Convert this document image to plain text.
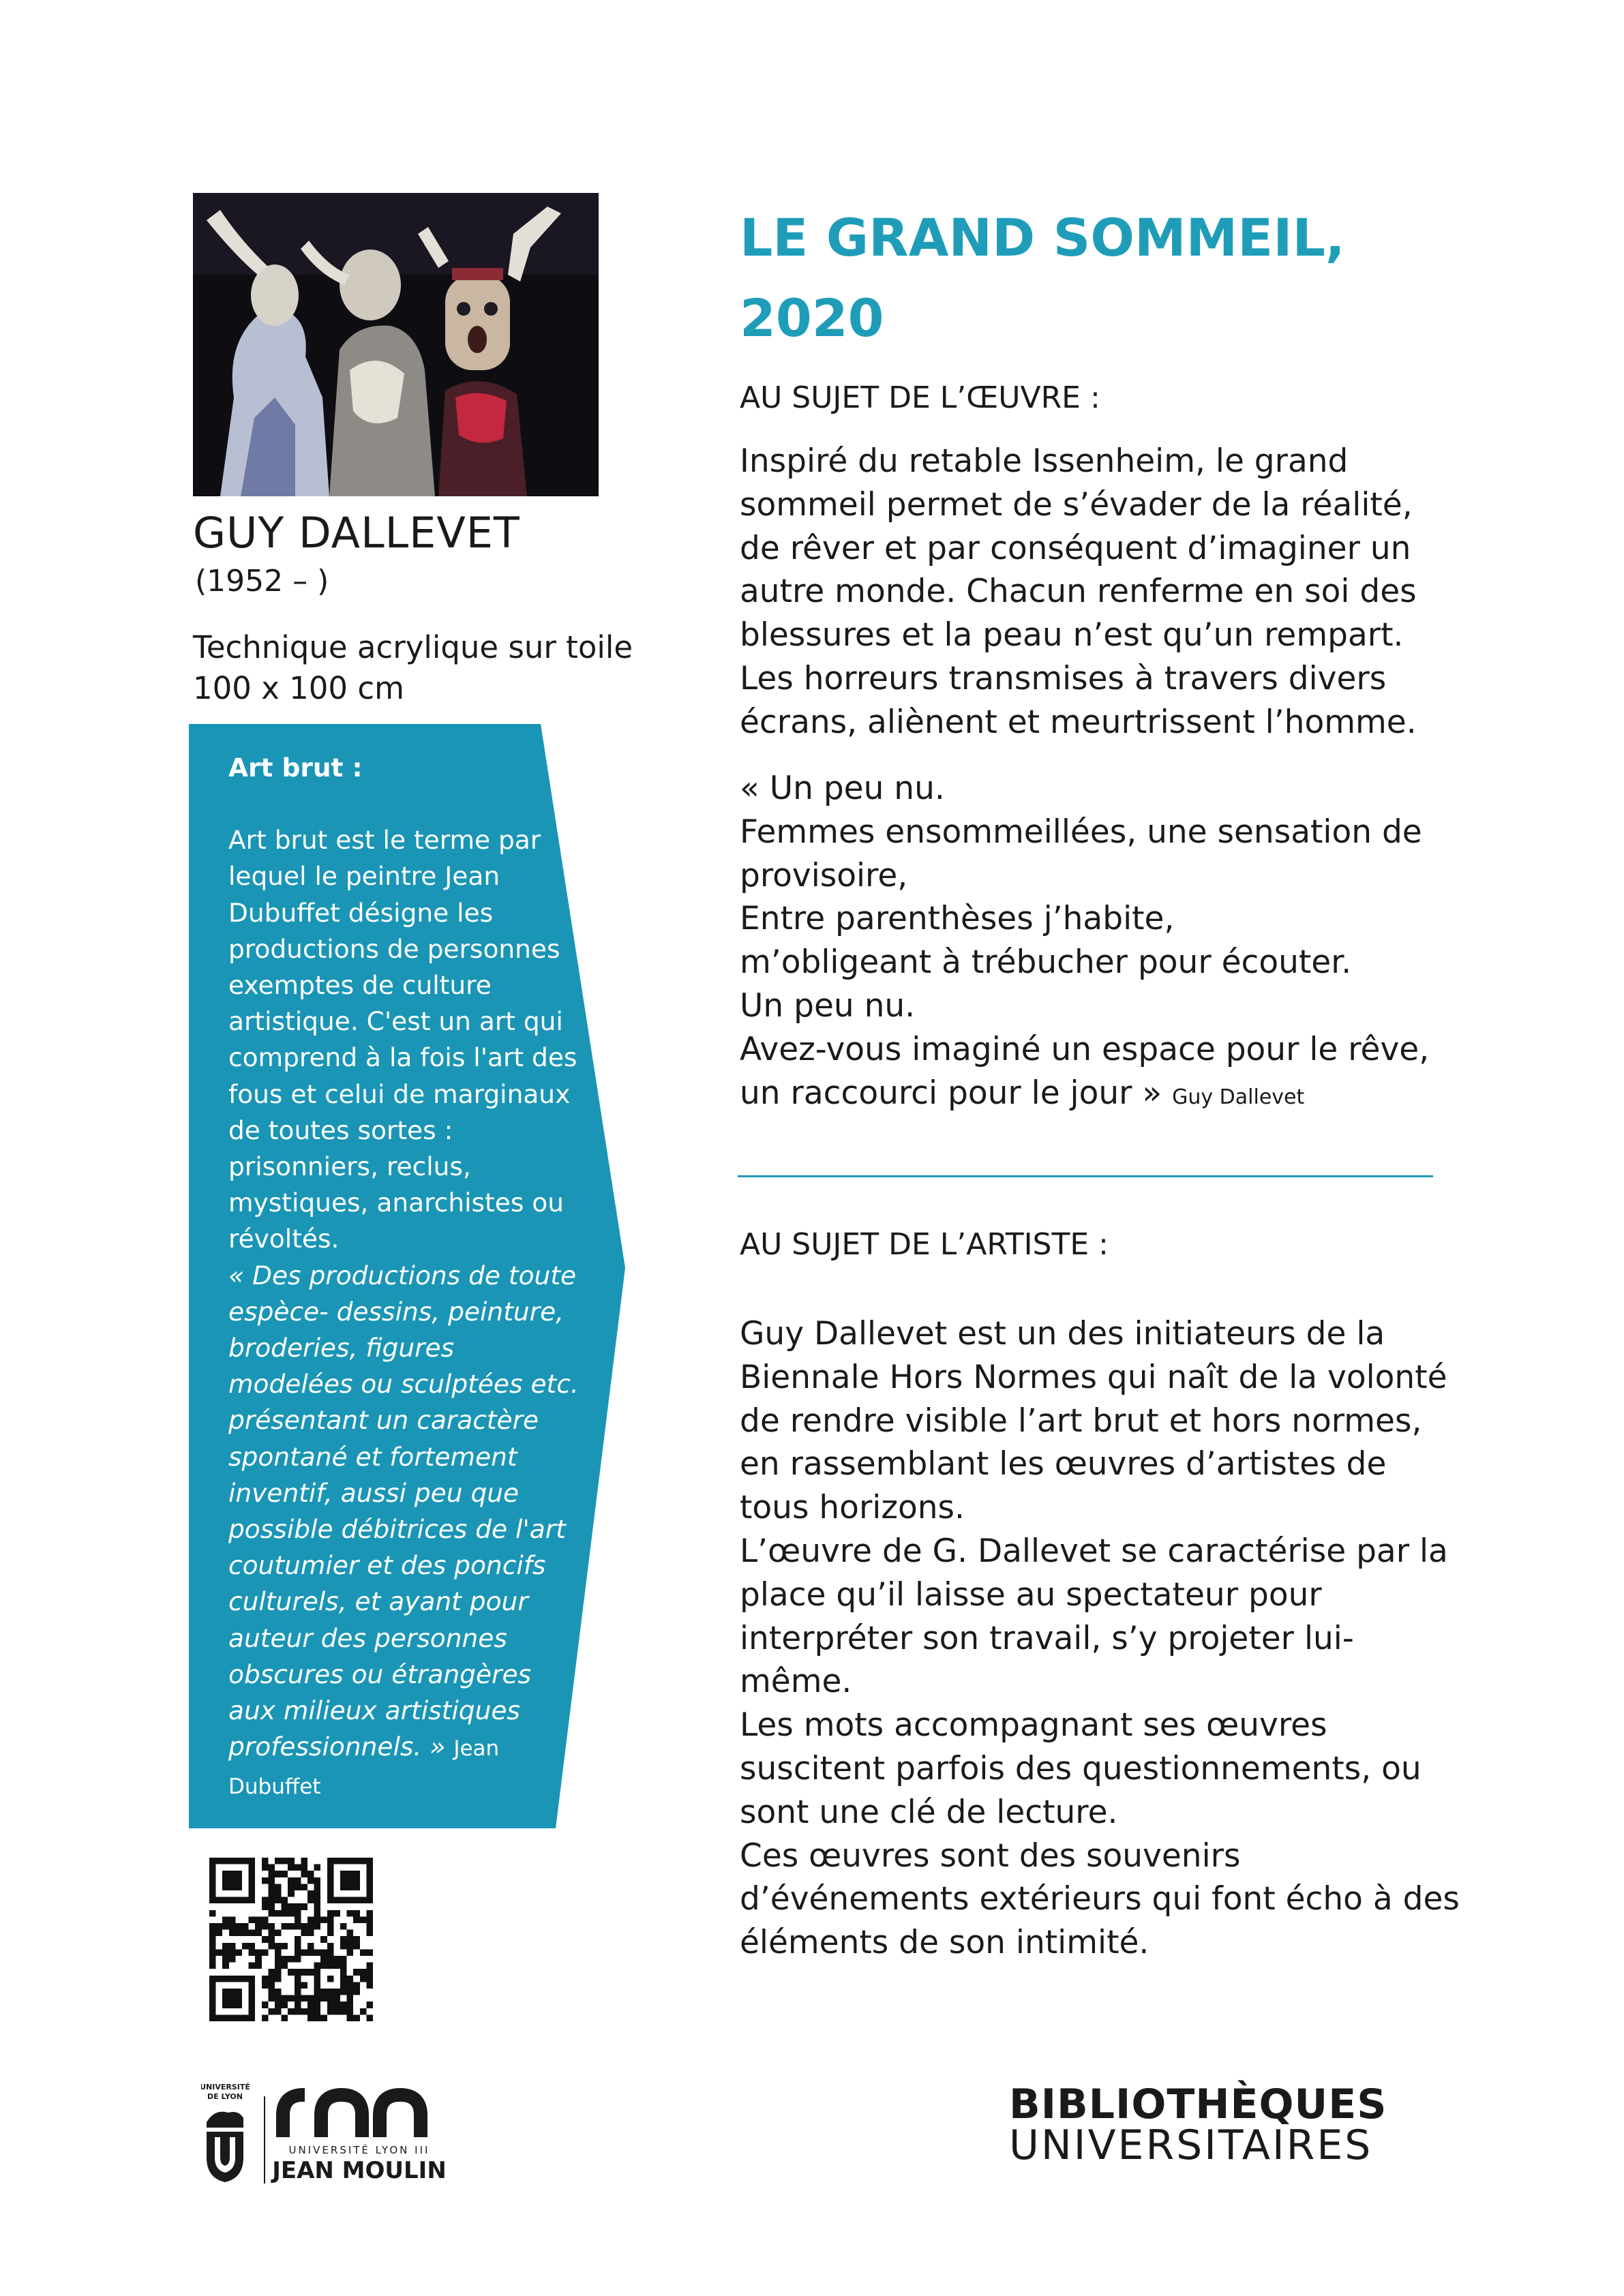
GUY DALLEVET
(1952 – )
Technique acrylique sur toile
100 x 100 cm

Art brut :

Art brut est le terme par lequel le peintre Jean Dubuffet désigne les productions de personnes exemptes de culture artistique. C'est un art qui comprend à la fois l'art des fous et celui de marginaux de toutes sortes : prisonniers, reclus, mystiques, anarchistes ou révoltés.

« Des productions de toute espèce- dessins, peinture, broderies, figures modelées ou sculptées etc. présentant un caractère spontané et fortement inventif, aussi peu que possible débitrices de l'art coutumier et des poncifs culturels, et ayant pour auteur des personnes obscures ou étrangères aux milieux artistiques professionnels. » Jean Dubuffet

LE GRAND SOMMEIL,
2020
AU SUJET DE L’ŒUVRE :

Inspiré du retable Issenheim, le grand sommeil permet de s’évader de la réalité, de rêver et par conséquent d’imaginer un autre monde. Chacun renferme en soi des blessures et la peau n’est qu’un rempart. Les horreurs transmises à travers divers écrans, aliènent et meurtrissent l’homme.

« Un peu nu.

Femmes ensommeillées, une sensation de provisoire,

Entre parenthèses j’habite,

m’obligeant à trébucher pour écouter.

Un peu nu.

Avez-vous imaginé un espace pour le rêve,

un raccourci pour le jour » Guy Dallevet

AU SUJET DE L’ARTISTE :

Guy Dallevet est un des initiateurs de la Biennale Hors Normes qui naît de la volonté de rendre visible l’art brut et hors normes, en rassemblant les œuvres d’artistes de tous horizons.

L’œuvre de G. Dallevet se caractérise par la place qu’il laisse au spectateur pour interpréter son travail, s’y projeter lui-même.

Les mots accompagnant ses œuvres suscitent parfois des questionnements, ou sont une clé de lecture.

Ces œuvres sont des souvenirs d’événements extérieurs qui font écho à des éléments de son intimité.

UNIVERSITÉ
DE LYON
UNIVERSITÉ LYON III
JEAN MOULIN
BIBLIOTHÈQUES
UNIVERSITAIRES
